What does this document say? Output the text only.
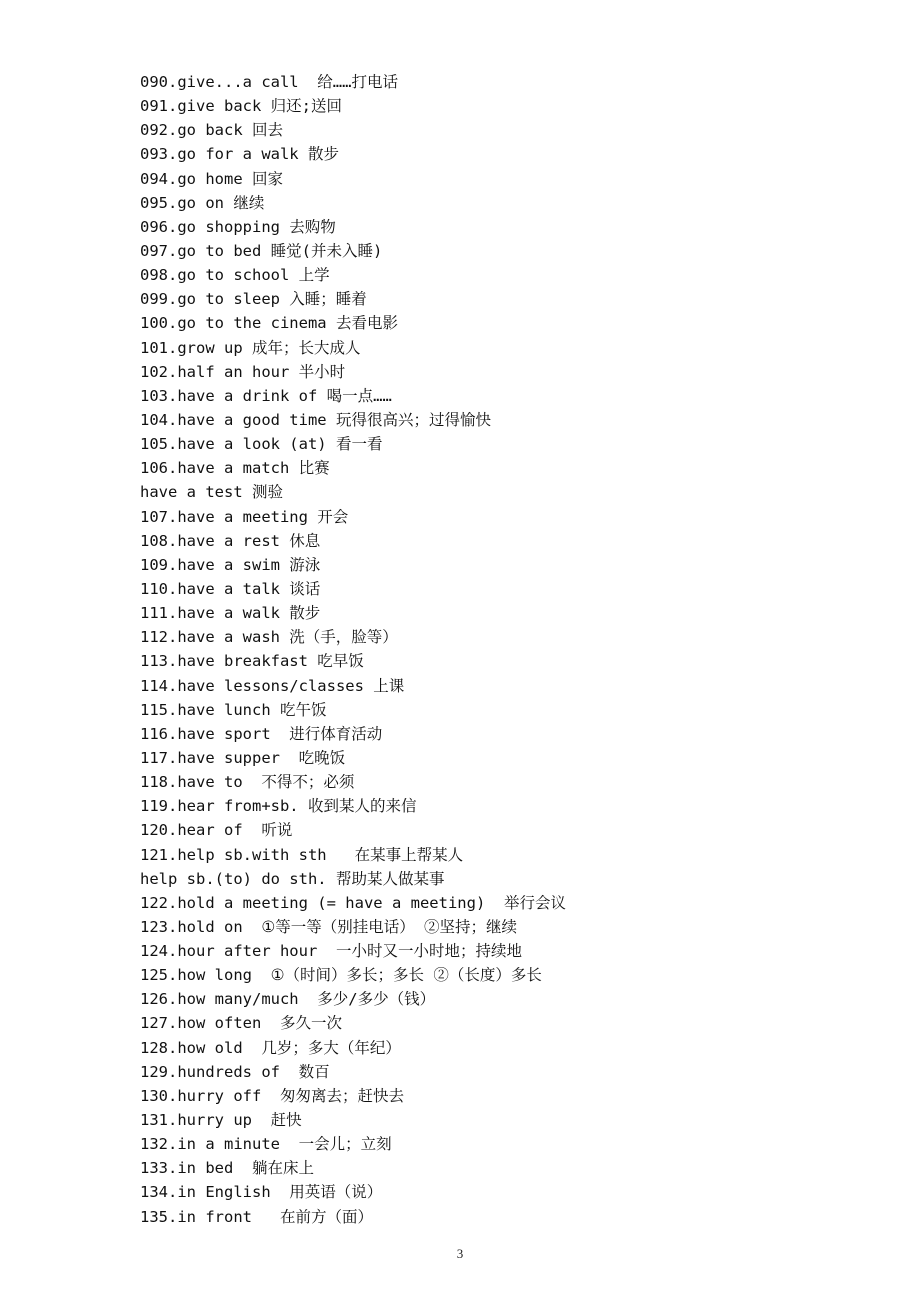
090.give...a call  给……打电话
091.give back 归还;送回
092.go back 回去
093.go for a walk 散步
094.go home 回家
095.go on 继续
096.go shopping 去购物
097.go to bed 睡觉(并未入睡)
098.go to school 上学
099.go to sleep 入睡；睡着
100.go to the cinema 去看电影
101.grow up 成年；长大成人
102.half an hour 半小时
103.have a drink of 喝一点……
104.have a good time 玩得很高兴；过得愉快
105.have a look (at) 看一看
106.have a match 比赛
have a test 测验
107.have a meeting 开会
108.have a rest 休息
109.have a swim 游泳
110.have a talk 谈话
111.have a walk 散步
112.have a wash 洗（手，脸等）
113.have breakfast 吃早饭
114.have lessons/classes 上课
115.have lunch 吃午饭
116.have sport  进行体育活动
117.have supper  吃晚饭
118.have to  不得不；必须
119.hear from+sb. 收到某人的来信
120.hear of  听说
121.help sb.with sth   在某事上帮某人
help sb.(to) do sth. 帮助某人做某事
122.hold a meeting (= have a meeting)  举行会议
123.hold on  ①等一等（别挂电话） ②坚持；继续
124.hour after hour  一小时又一小时地；持续地
125.how long  ①（时间）多长；多长 ②（长度）多长
126.how many/much  多少/多少（钱）
127.how often  多久一次
128.how old  几岁；多大（年纪）
129.hundreds of  数百
130.hurry off  匆匆离去；赶快去
131.hurry up  赶快
132.in a minute  一会儿；立刻
133.in bed  躺在床上
134.in English  用英语（说）
135.in front   在前方（面）
3
